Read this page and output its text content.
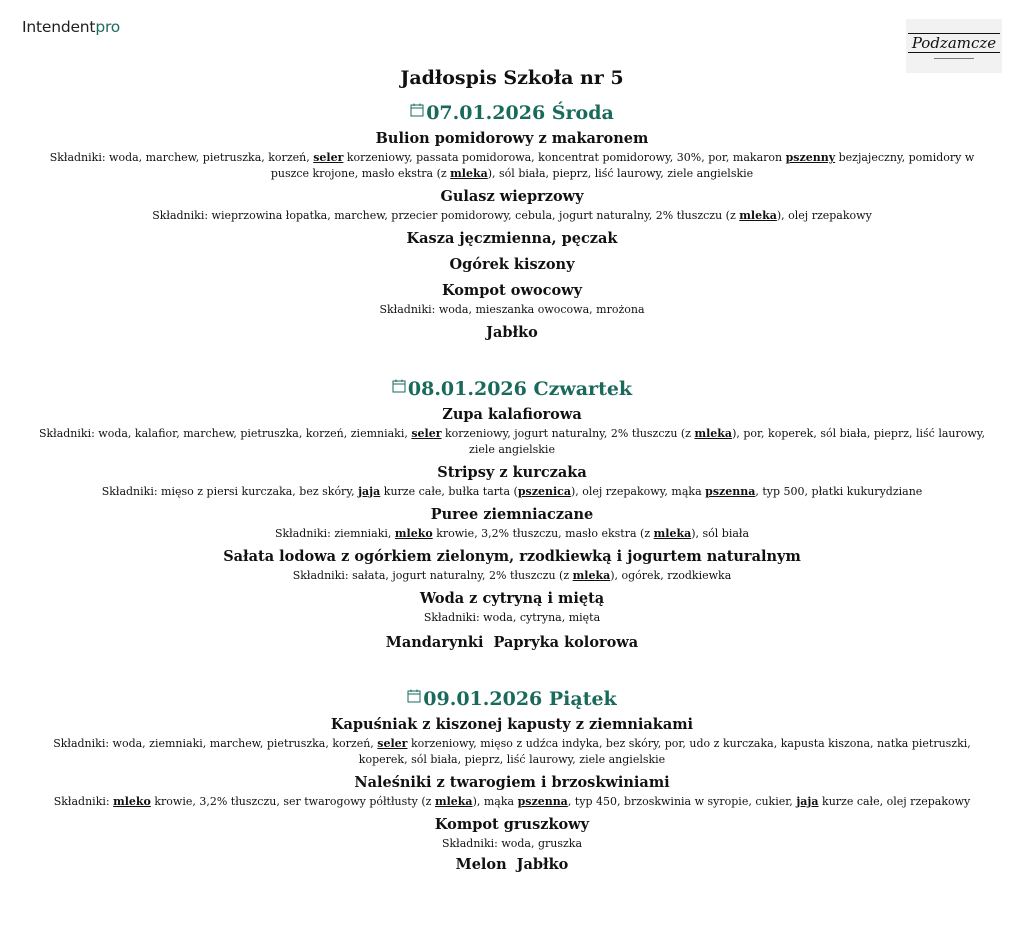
Intendentpro
Podzamcze
Jadłospis Szkoła nr 5
07.01.2026 Środa

Bulion pomidorowy z makaronem

Składniki: woda, marchew, pietruszka, korzeń, seler korzeniowy, passata pomidorowa, koncentrat pomidorowy, 30%, por, makaron pszenny bezjajeczny, pomidory w puszce krojone, masło ekstra (z mleka), sól biała, pieprz, liść laurowy, ziele angielskie

Gulasz wieprzowy

Składniki: wieprzowina łopatka, marchew, przecier pomidorowy, cebula, jogurt naturalny, 2% tłuszczu (z mleka), olej rzepakowy

Kasza jęczmienna, pęczak

Ogórek kiszony

Kompot owocowy

Składniki: woda, mieszanka owocowa, mrożona

Jabłko

08.01.2026 Czwartek

Zupa kalafiorowa

Składniki: woda, kalafior, marchew, pietruszka, korzeń, ziemniaki, seler korzeniowy, jogurt naturalny, 2% tłuszczu (z mleka), por, koperek, sól biała, pieprz, liść laurowy, ziele angielskie

Stripsy z kurczaka

Składniki: mięso z piersi kurczaka, bez skóry, jaja kurze całe, bułka tarta (pszenica), olej rzepakowy, mąka pszenna, typ 500, płatki kukurydziane

Puree ziemniaczane

Składniki: ziemniaki, mleko krowie, 3,2% tłuszczu, masło ekstra (z mleka), sól biała

Sałata lodowa z ogórkiem zielonym, rzodkiewką i jogurtem naturalnym

Składniki: sałata, jogurt naturalny, 2% tłuszczu (z mleka), ogórek, rzodkiewka

Woda z cytryną i miętą

Składniki: woda, cytryna, mięta

Mandarynki Papryka kolorowa

09.01.2026 Piątek

Kapuśniak z kiszonej kapusty z ziemniakami

Składniki: woda, ziemniaki, marchew, pietruszka, korzeń, seler korzeniowy, mięso z udźca indyka, bez skóry, por, udo z kurczaka, kapusta kiszona, natka pietruszki, koperek, sól biała, pieprz, liść laurowy, ziele angielskie

Naleśniki z twarogiem i brzoskwiniami

Składniki: mleko krowie, 3,2% tłuszczu, ser twarogowy półtłusty (z mleka), mąka pszenna, typ 450, brzoskwinia w syropie, cukier, jaja kurze całe, olej rzepakowy

Kompot gruszkowy

Składniki: woda, gruszka

Melon Jabłko
